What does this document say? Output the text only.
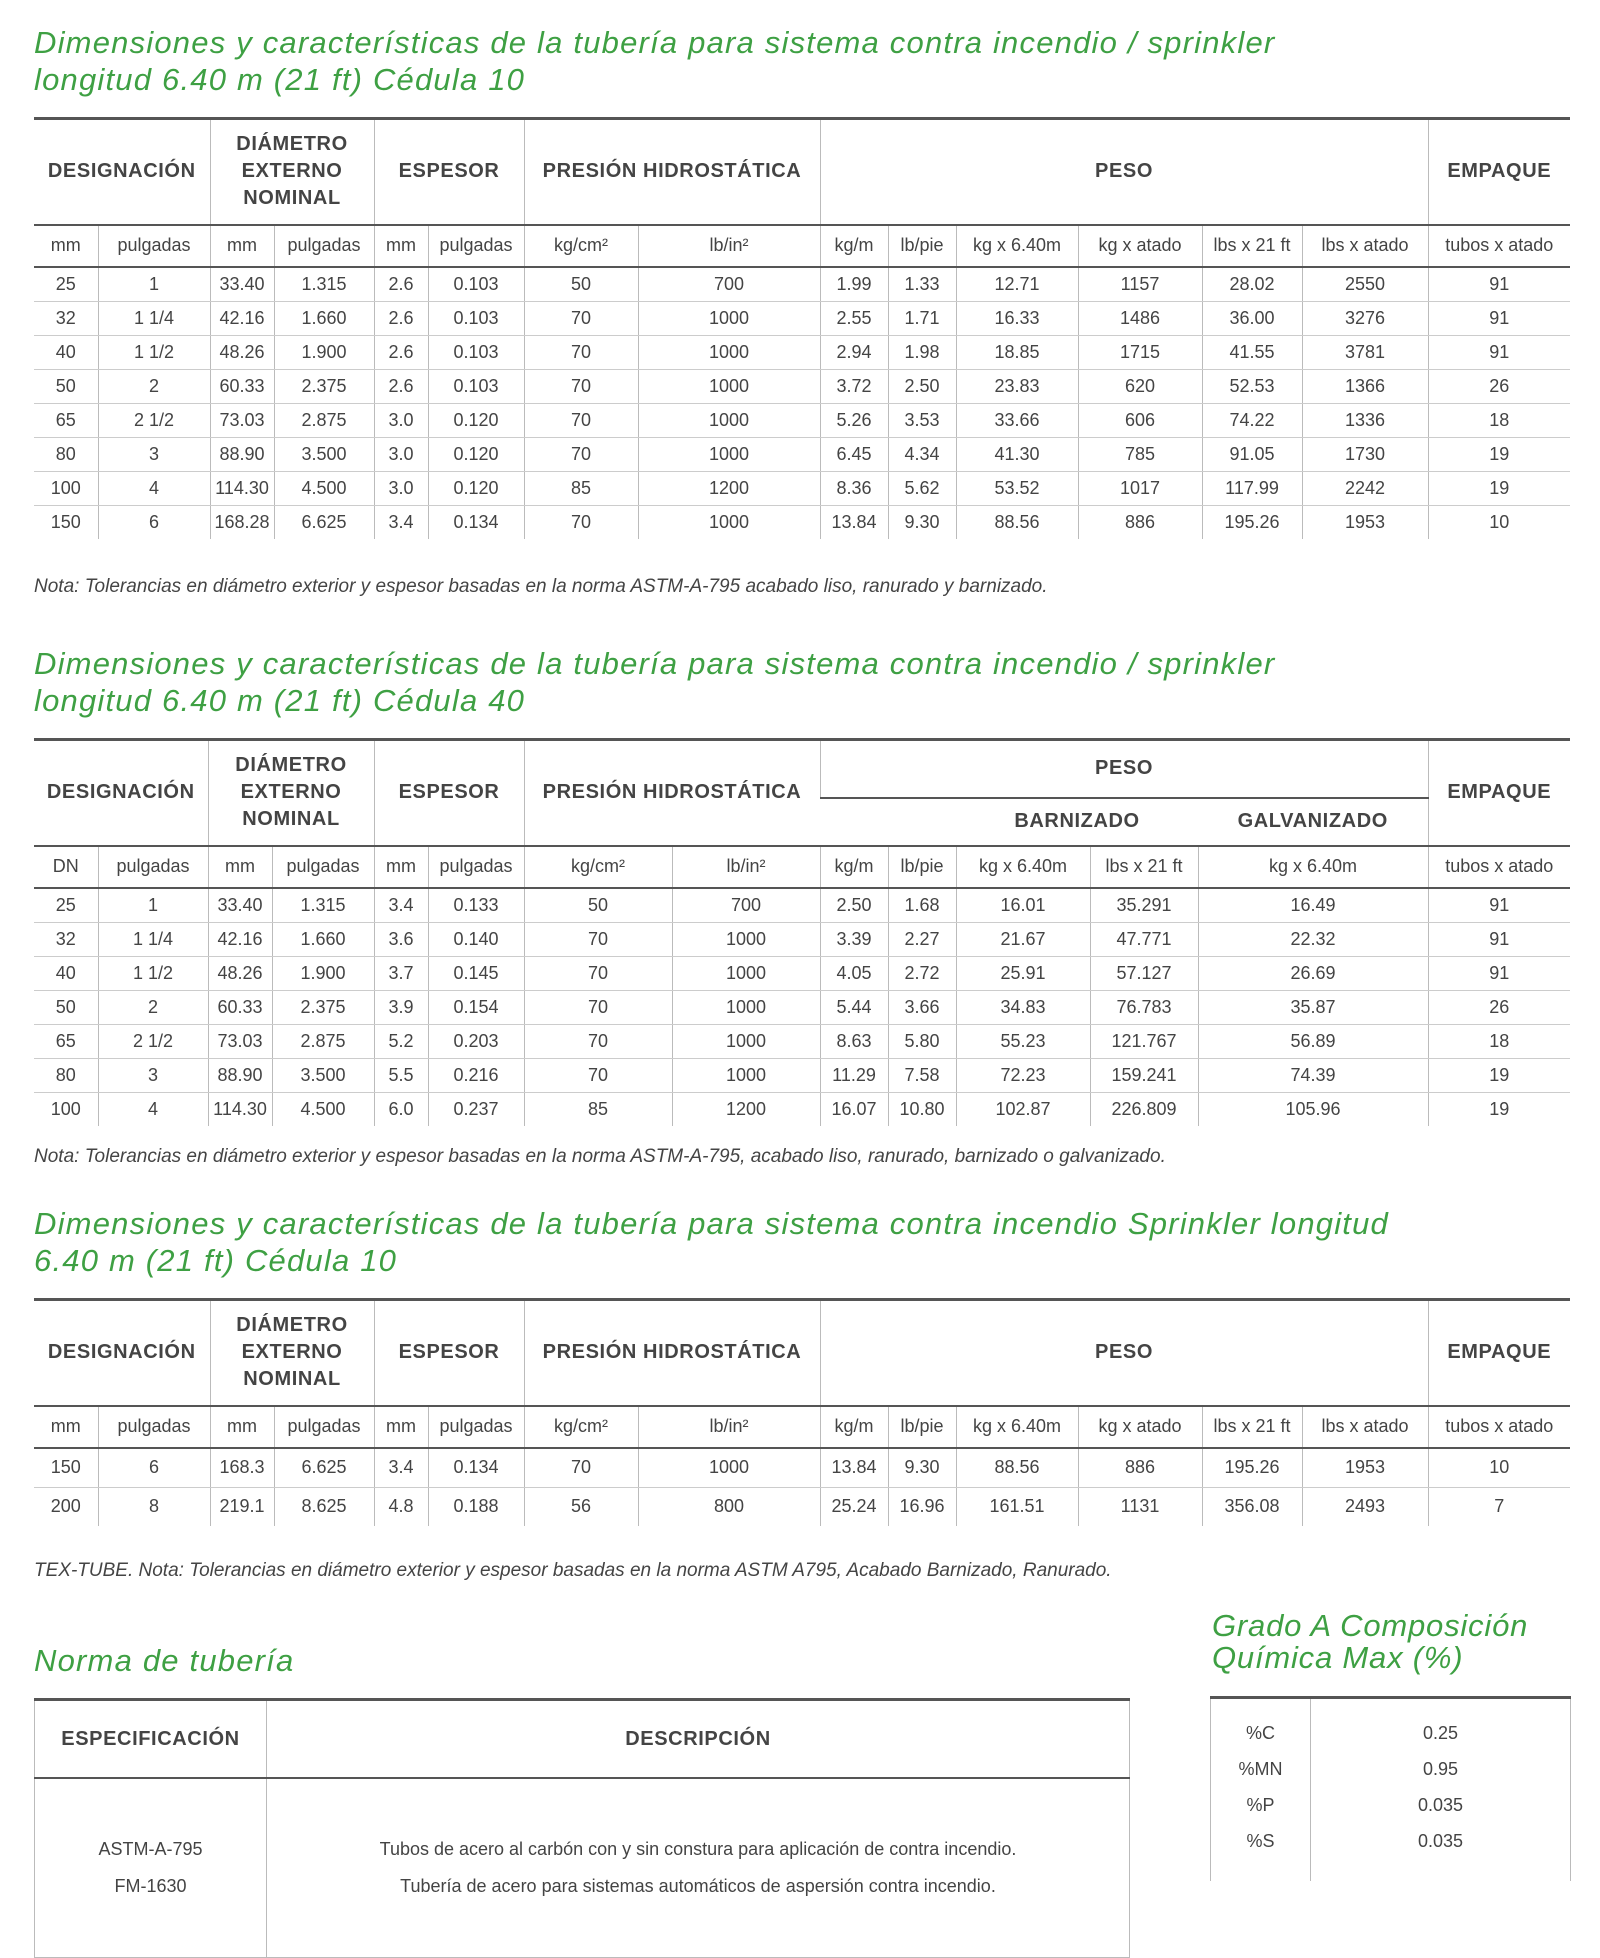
Dimensiones y características de la tubería para sistema contra incendio / sprinkler
longitud 6.40 m (21 ft) Cédula 10
DESIGNACIÓN		DIÁMETRO EXTERNO NOMINAL		ESPESOR		PRESIÓN HIDROSTÁTICA		PESO						EMPAQUE
mm	pulgadas	mm	pulgadas	mm	pulgadas	kg/cm²	lb/in²	kg/m	lb/pie	kg x 6.40m	kg x atado	lbs x 21 ft	lbs x atado	tubos x atado
25	1	33.40	1.315	2.6	0.103	50	700	1.99	1.33	12.71	1157	28.02	2550	91
32	1 1/4	42.16	1.660	2.6	0.103	70	1000	2.55	1.71	16.33	1486	36.00	3276	91
40	1 1/2	48.26	1.900	2.6	0.103	70	1000	2.94	1.98	18.85	1715	41.55	3781	91
50	2	60.33	2.375	2.6	0.103	70	1000	3.72	2.50	23.83	620	52.53	1366	26
65	2 1/2	73.03	2.875	3.0	0.120	70	1000	5.26	3.53	33.66	606	74.22	1336	18
80	3	88.90	3.500	3.0	0.120	70	1000	6.45	4.34	41.30	785	91.05	1730	19
100	4	114.30	4.500	3.0	0.120	85	1200	8.36	5.62	53.52	1017	117.99	2242	19
150	6	168.28	6.625	3.4	0.134	70	1000	13.84	9.30	88.56	886	195.26	1953	10

Nota: Tolerancias en diámetro exterior y espesor basadas en la norma ASTM-A-795 acabado liso, ranurado y barnizado.

Dimensiones y características de la tubería para sistema contra incendio / sprinkler
longitud 6.40 m (21 ft) Cédula 40
DESIGNACIÓN		DIÁMETRO EXTERNO NOMINAL		ESPESOR		PRESIÓN HIDROSTÁTICA		PESO					EMPAQUE
										BARNIZADO		GALVANIZADO	
DN	pulgadas	mm	pulgadas	mm	pulgadas	kg/cm²	lb/in²	kg/m	lb/pie	kg x 6.40m	lbs x 21 ft	kg x 6.40m	tubos x atado
25	1	33.40	1.315	3.4	0.133	50	700	2.50	1.68	16.01	35.291	16.49	91
32	1 1/4	42.16	1.660	3.6	0.140	70	1000	3.39	2.27	21.67	47.771	22.32	91
40	1 1/2	48.26	1.900	3.7	0.145	70	1000	4.05	2.72	25.91	57.127	26.69	91
50	2	60.33	2.375	3.9	0.154	70	1000	5.44	3.66	34.83	76.783	35.87	26
65	2 1/2	73.03	2.875	5.2	0.203	70	1000	8.63	5.80	55.23	121.767	56.89	18
80	3	88.90	3.500	5.5	0.216	70	1000	11.29	7.58	72.23	159.241	74.39	19
100	4	114.30	4.500	6.0	0.237	85	1200	16.07	10.80	102.87	226.809	105.96	19

Nota: Tolerancias en diámetro exterior y espesor basadas en la norma ASTM-A-795, acabado liso, ranurado, barnizado o galvanizado.

Dimensiones y características de la tubería para sistema contra incendio Sprinkler longitud
6.40 m (21 ft) Cédula 10
DESIGNACIÓN		DIÁMETRO EXTERNO NOMINAL		ESPESOR		PRESIÓN HIDROSTÁTICA		PESO						EMPAQUE
mm	pulgadas	mm	pulgadas	mm	pulgadas	kg/cm²	lb/in²	kg/m	lb/pie	kg x 6.40m	kg x atado	lbs x 21 ft	lbs x atado	tubos x atado
150	6	168.3	6.625	3.4	0.134	70	1000	13.84	9.30	88.56	886	195.26	1953	10
200	8	219.1	8.625	4.8	0.188	56	800	25.24	16.96	161.51	1131	356.08	2493	7

TEX-TUBE. Nota: Tolerancias en diámetro exterior y espesor basadas en la norma ASTM A795, Acabado Barnizado, Ranurado.

Norma de tubería
ESPECIFICACIÓN	DESCRIPCIÓN

ASTM-A-795	Tubos de acero al carbón con y sin constura para aplicación de contra incendio.
FM-1630	Tubería de acero para sistemas automáticos de aspersión contra incendio.

Grado A Composición
Química Max (%)

%C	0.25
%MN	0.95
%P	0.035
%S	0.035
